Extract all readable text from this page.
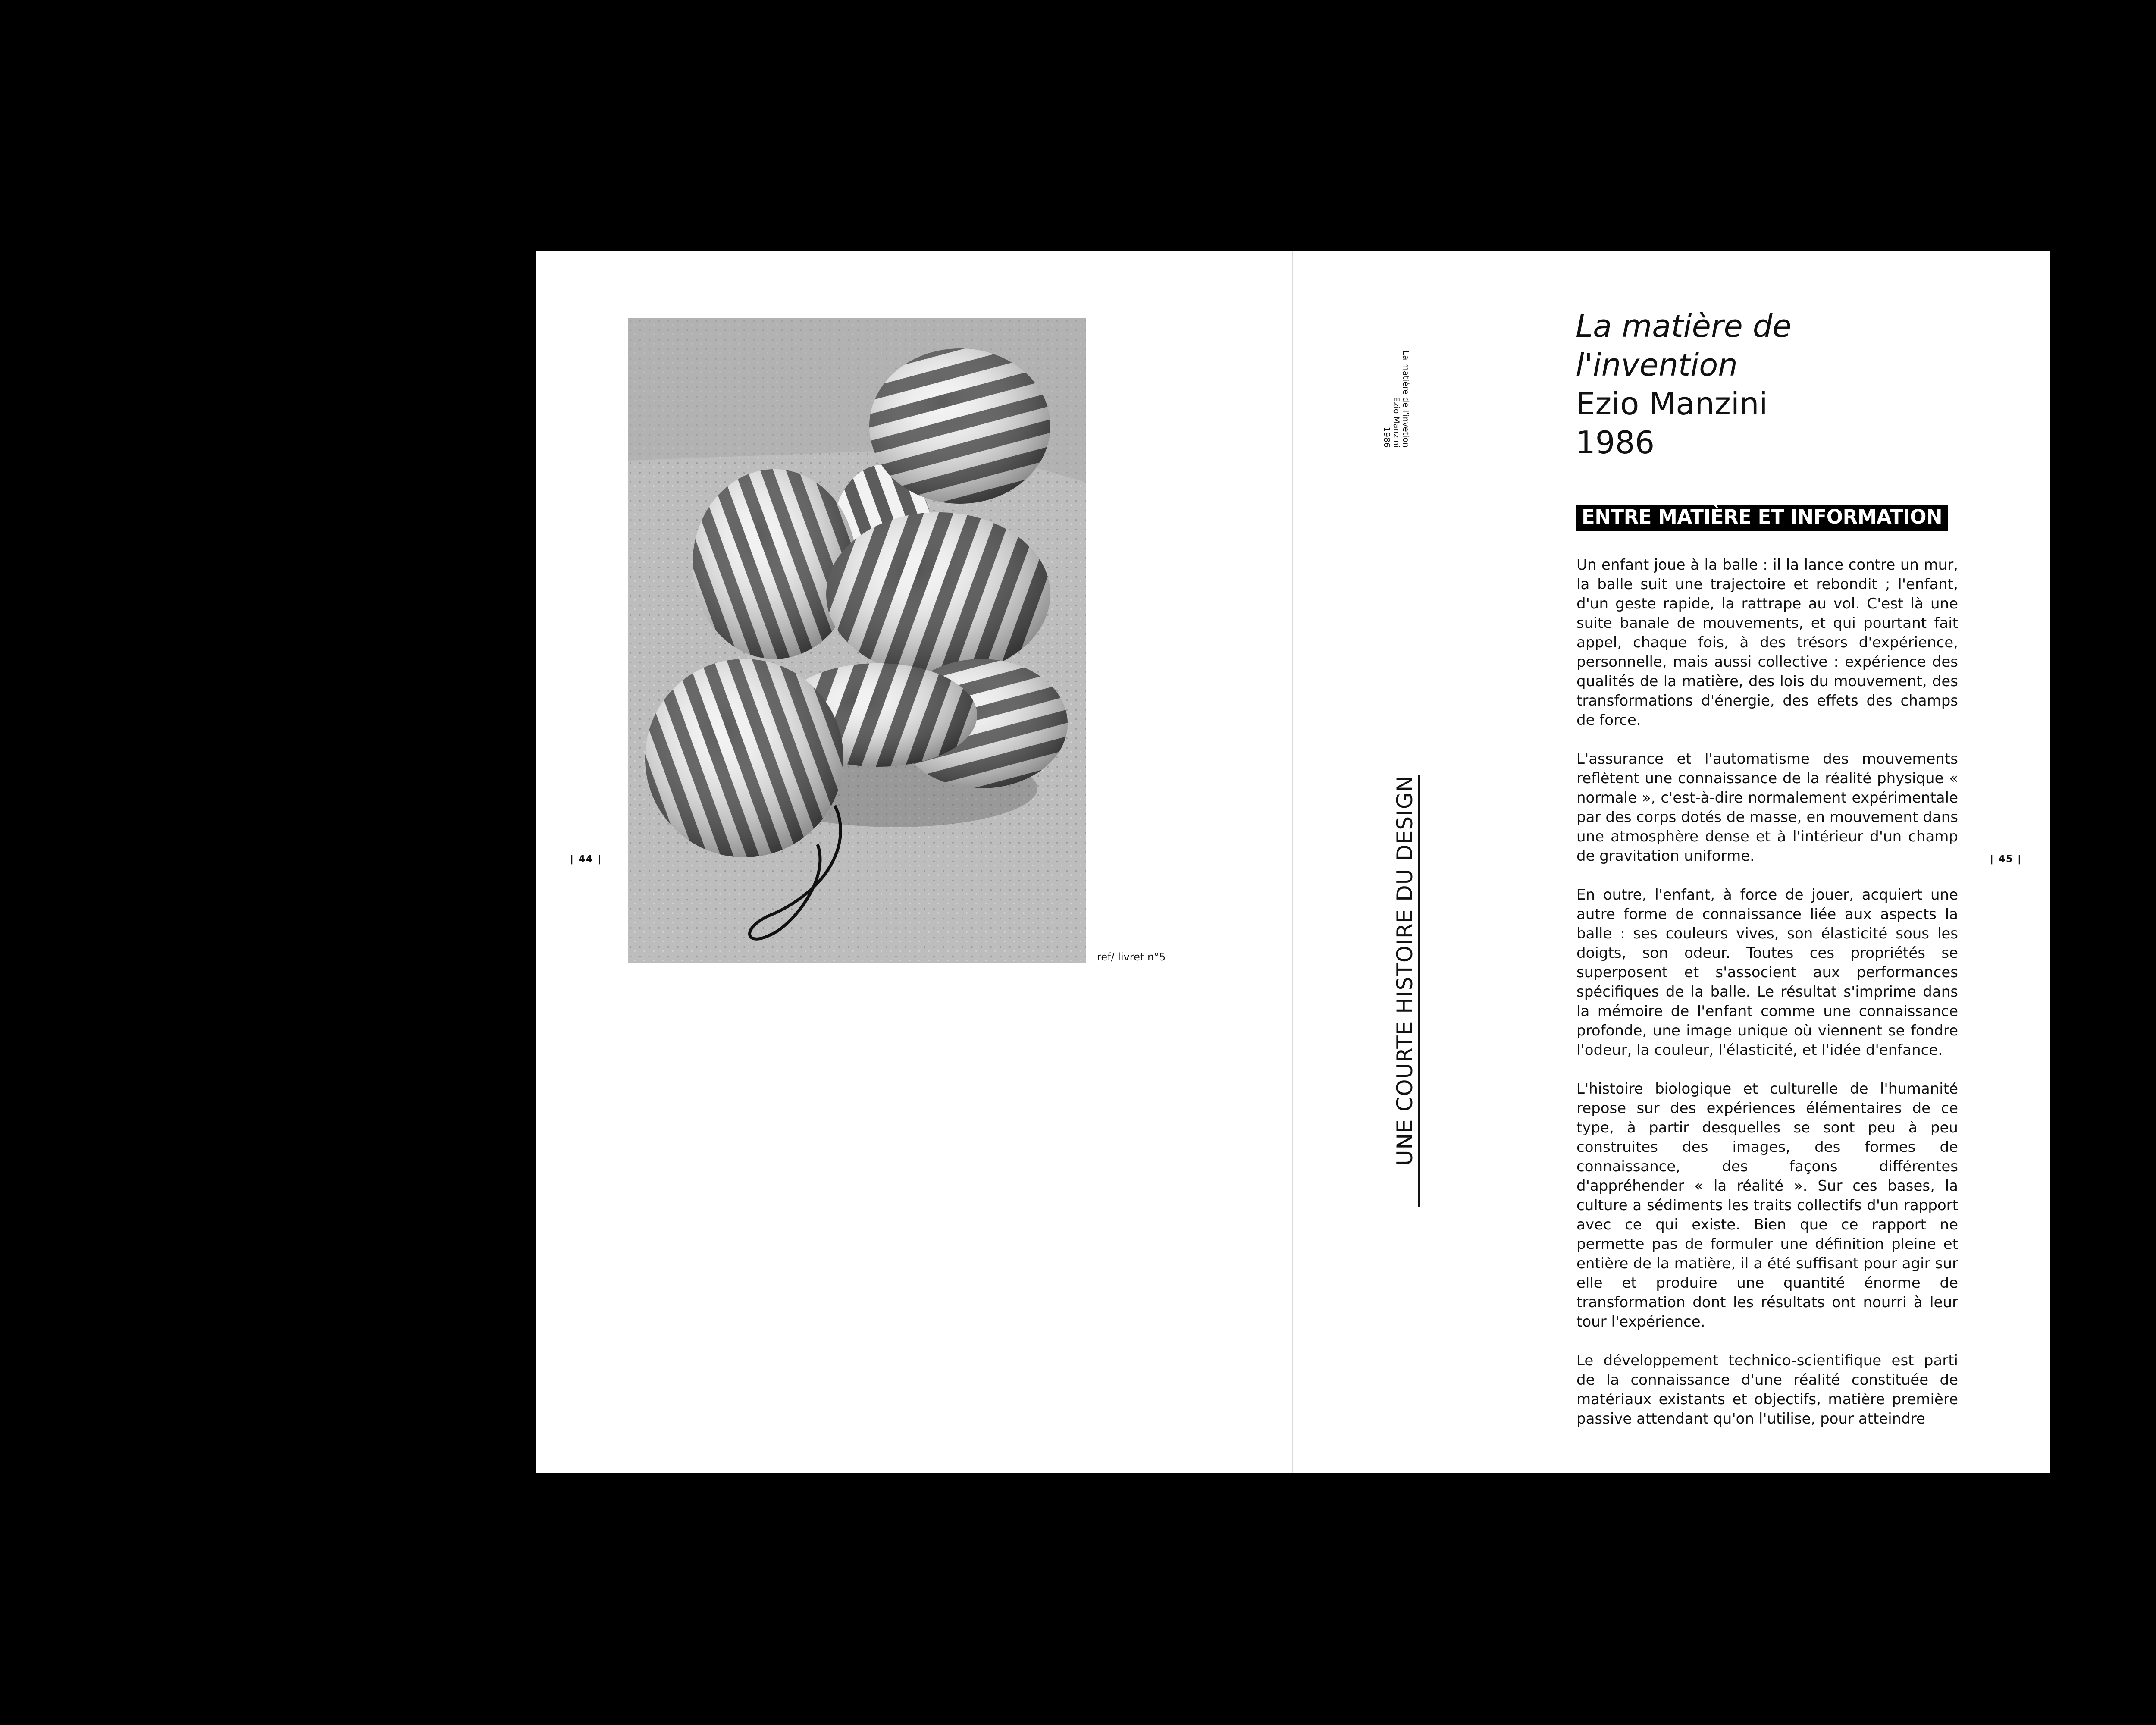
| 44 |
ref/ livret n°5
| 45 |
La matière de l'invetion
Ezio Manzini
1986
UNE COURTE HISTOIRE DU DESIGN
La matière de
l'invention
Ezio Manzini
1986
ENTRE MATIÈRE ET INFORMATION

Un enfant joue à la balle : il la lance contre un mur, la balle suit une trajectoire et rebondit ; l'enfant, d'un geste rapide, la rattrape au vol. C'est là une suite banale de mouvements, et qui pourtant fait appel, chaque fois, à des trésors d'expérience, personnelle, mais aussi collective : expérience des qualités de la matière, des lois du mouvement, des transformations d'énergie, des effets des champs de force.

L'assurance et l'automatisme des mouvements reflètent une connaissance de la réalité physique « normale », c'est-à-dire normalement expérimentale par des corps dotés de masse, en mouvement dans une atmosphère dense et à l'intérieur d'un champ de gravitation uniforme.

En outre, l'enfant, à force de jouer, acquiert une autre forme de connaissance liée aux aspects la balle : ses couleurs vives, son élasticité sous les doigts, son odeur. Toutes ces propriétés se superposent et s'associent aux performances spécifiques de la balle. Le résultat s'imprime dans la mémoire de l'enfant comme une connaissance profonde, une image unique où viennent se fondre l'odeur, la couleur, l'élasticité, et l'idée d'enfance.

L'histoire biologique et culturelle de l'humanité repose sur des expériences élémentaires de ce type, à partir desquelles se sont peu à peu construites des images, des formes de connaissance, des façons différentes d'appréhender « la réalité ». Sur ces bases, la culture a sédiments les traits collectifs d'un rapport avec ce qui existe. Bien que ce rapport ne permette pas de formuler une définition pleine et entière de la matière, il a été suffisant pour agir sur elle et produire une quantité énorme de transformation dont les résultats ont nourri à leur tour l'expérience.

Le développement technico-scientifique est parti de la connaissance d'une réalité constituée de matériaux existants et objectifs, matière première passive attendant qu'on l'utilise, pour atteindre
